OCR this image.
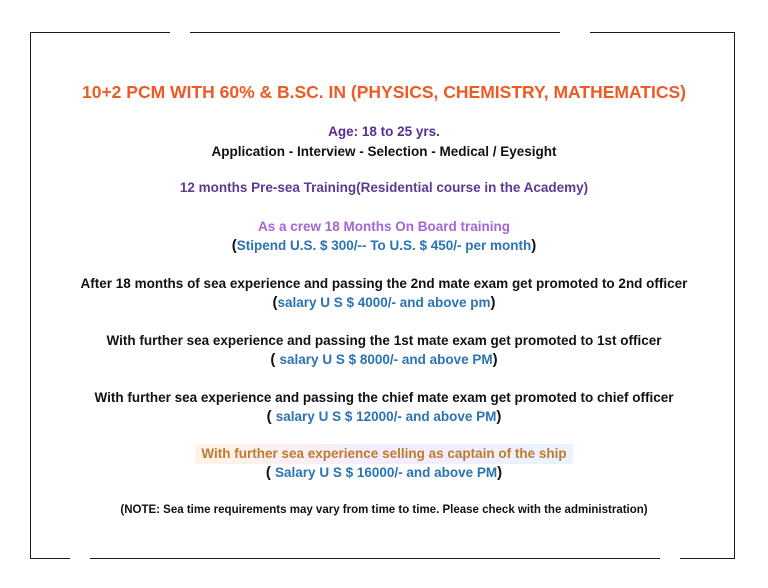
10+2 PCM WITH 60% & B.SC. IN (PHYSICS, CHEMISTRY, MATHEMATICS)
Age: 18 to 25 yrs.
Application - Interview - Selection - Medical / Eyesight
12 months Pre-sea Training(Residential course in the Academy)
As a crew 18 Months On Board training
(Stipend U.S. $ 300/-- To U.S. $ 450/- per month)
After 18 months of sea experience and passing the 2nd mate exam get promoted to 2nd officer
(salary U S $ 4000/- and above pm)
With further sea experience and passing the 1st mate exam get promoted to 1st officer
( salary U S $ 8000/- and above PM)
With further sea experience and passing the chief mate exam get promoted to chief officer
( salary U S $ 12000/- and above PM)
With further sea experience selling as captain of the ship
( Salary U S $ 16000/- and above PM)
(NOTE: Sea time requirements may vary from time to time. Please check with the administration)
